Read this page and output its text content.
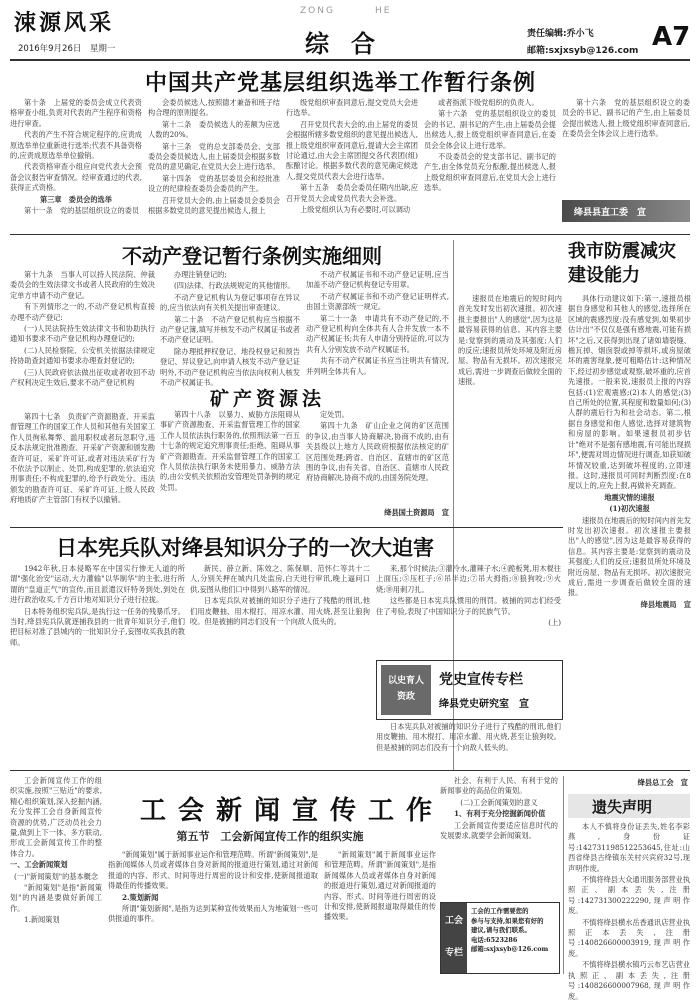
涑源风采
2016年9月26日　星期一
ZONG	HE
综合	责任编辑:乔小飞
邮箱:sxjxsyb@126.com A7
中国共产党基层组织选举工作暂行条例

第十条　上届党的委员会成立代表资格审查小组,负责对代表的产生程序和资格进行审查。

代表的产生不符合规定程序的,应责成原选举单位重新进行选举;代表不具备资格的,应责成原选举单位撤销。

代表资格审查小组应向党代表大会预备会议报告审查情况。经审查通过的代表,获得正式资格。

第三章　委员会的选举

第十一条　党的基层组织设立的委员

会委员候选人,按照德才兼备和班子结构合理的原则提名。

第十二条　委员候选人的差额为应选人数的20%。

第十三条　党的总支部委员会、支部委员会委员候选人,由上届委员会根据多数党员的意见确定,在党员大会上进行选举。

第十四条　党的基层委员会和经批准设立的纪律检查委员会委员的产生。

召开党员大会的,由上届委员会委员会根据多数党员的意见提出候选人,报上

级党组织审查同意后,提交党员大会进行选举。

召开党员代表大会的,由上届党的委员会根据所辖多数党组织的意见提出候选人,报上级党组织审查同意后,提请大会主席团讨论通过,由大会主席团提交各代表团(组)酝酿讨论。根据多数代表的意见确定候选人,提交党员代表大会进行选举。

第十五条　委员会委员任期内出缺,应召开党员大会或党员代表大会补选。

上级党组织认为有必要时,可以调动

或者指派下级党组织的负责人。

第十六条　党的基层组织设立的委员会的书记、副书记的产生,由上届委员会提出候选人,报上级党组织审查同意后,在委员会全体会议上进行选举。

不设委员会的党支部书记、副书记的产生,由全体党员充分酝酿,提出候选人,报上级党组织审查同意后,在党员大会上进行选举。

第十六条　党的基层组织设立的委员会的书记、副书记的产生,由上届委员会提出候选人,报上级党组织审查同意后,在委员会全体会议上进行选举。

绛县县直工委　宣
不动产登记暂行条例实施细则

第十九条　当事人可以持人民法院、仲裁委员会的生效法律文书或者人民政府的生效决定单方申请不动产登记。

有下列情形之一的,不动产登记机构直接办理不动产登记:

(一)人民法院持生效法律文书和协助执行通知书要求不动产登记机构办理登记的;

(二)人民检察院、公安机关依据法律规定持协助查封通知书要求办理查封登记的;

(三)人民政府依法做出征收或者收回不动产权利决定生效后,要求不动产登记机构

办理注销登记的;

(四)法律、行政法规规定的其他情形。

不动产登记机构认为登记事项存在异议的,应当依法向有关机关提出审查建议。

第二十条　不动产登记机构应当根据不动产登记簿,填写并核发不动产权属证书或者不动产登记证明。

除办理抵押权登记、地役权登记和预告登记、异议登记,向申请人核发不动产登记证明外,不动产登记机构应当依法向权利人核发不动产权属证书。

不动产权属证书和不动产登记证明,应当加盖不动产登记机构登记专用章。

不动产权属证书和不动产登记证明样式,由国土资源部统一规定。

第二十一条　申请共有不动产登记的,不动产登记机构向全体共有人合并发放一本不动产权属证书;共有人申请分别持证的,可以为共有人分别发放不动产权属证书。

共有不动产权属证书应当注明共有情况,并列明全体共有人。

第四十七条　负责矿产资源勘查、开采监督管理工作的国家工作人员和其他有关国家工作人员徇私舞弊、滥用职权或者玩忽职守,违反本法规定批准勘查、开采矿产资源和颁发勘查许可证、采矿许可证,或者对违法采矿行为不依法予以制止、处罚,构成犯罪的,依法追究刑事责任;不构成犯罪的,给予行政处分。违法颁发的勘查许可证、采矿许可证,上级人民政府地质矿产主管部门有权予以撤销。

矿产资源法

第四十八条　以暴力、威胁方法阻碍从事矿产资源勘查、开采监督管理工作的国家工作人员依法执行职务的,依照刑法第一百五十七条的规定追究刑事责任;拒绝、阻碍从事矿产资源勘查、开采监督管理工作的国家工作人员依法执行职务未使用暴力、威胁方法的,由公安机关依照治安管理处罚条例的规定处罚。

定处罚。

第四十九条　矿山企业之间的矿区范围的争议,由当事人协商解决,协商不成的,由有关县级以上地方人民政府根据依法核定的矿区范围处理;跨省、自治区、直辖市的矿区范围的争议,由有关省、自治区、直辖市人民政府协商解决,协商不成的,由国务院处理。

绛县国土资源局　宣
我市防震减灾建设能力

具体行动建议如下:第一,速报员根据自身感觉和其他人的感觉,选择所在区域的震感烈度:没有感觉到,如果初步估计出"不仅仅是强有感地震,可能有损坏"之后,又获得到出现了诸如墙裂缝、檐瓦掉、烟囱裂或掉等损坏,或房屋破坏的震害现象,便可粗略估计:这种情况下,经过初步感觉或观察,破坏重的,应首先速报。一般来说,速报员上报的内容包括:(1)宏观震感;(2)本人的感觉;(3)自己所处的位置,其程度和数量如何;(3)人群的震后行为和社会动态。第二,根据自身感觉和他人感觉,选择对建筑物和房屋的影响。如果速报员初步估计"绝对不是强有感地震,有可能出现损坏",便需对周边情况进行调查,如获知破坏情况较重,达到破坏程度的,立即速报。这时,速报员可同时判断烈度:在8度以上的,应先上报,再做补充调查。

地震灾情的速报

(1)初次速报

速报员在地震后的短时间内首先发时发出初次速报。初次速报主要报出"人的感觉",因为这是最容易获得的信息。其内容主要是:觉察到的震动及其强度;人们的反应;速报员所处环境及附近房屋、物品有无损坏。初次速报完成后,需进一步调查后做较全面的速报。

绛县地震局　宣

速报员在地震后的短时间内首先发时发出初次速报。初次速报主要报出"人的感觉",因为这是最容易获得的信息。其内容主要是:觉察到的震动及其强度;人们的反应;速报员所处环境及附近房屋、物品有无损坏。初次速报完成后,需进一步调查后做较全面的速报。

日本宪兵队对绛县知识分子的一次大迫害

1942年秋,日本侵略军在中国实行惨无人道的所谓"强化治安"运动,大力灌输"以华制华"的主张,进行所谓的"皇道正气"的宣传,而且派遣汉奸特务到处,到处在进行政治收买,千方百计地对知识分子进行拉拢。

日本特务组织宪兵队,是执行这一任务的残暴爪牙。当时,绛县宪兵队就逐捕我县的一批青年知识分子,他们把目标对准了县城内的一批知识分子,妄图收买我县的教师。

新民、薛立新、陈效之、陈保顺、范怀仁等共十二人,分别关押在城内几处监房,白天进行审讯,晚上逼问口供,妄图从他们口中得到八路军的情况。

日本宪兵队对被捕的知识分子进行了残酷的刑讯,他们用皮鞭抽、用木棍打、用凉水灌、用火烧,甚至让狼狗咬。但是被捕的同志们没有一个向敌人低头的。

来,那个时候法;③灌冷水,灌辣子水;④跪板凳,用木棍往上面压;⑤压杠子;⑥吊半边;⑦吊大拇指;⑧狼狗咬;⑨火烧;⑩用刺刀扎。

这些都是日本宪兵队惯用的刑罚。被捕的同志们经受住了考验,表现了中国知识分子的民族气节。

(上)
以史育人　资政
党史宣传专栏
绛县党史研究室　宣

日本宪兵队对被捕的知识分子进行了残酷的刑讯,他们用皮鞭抽、用木棍打、用凉水灌、用火烧,甚至让狼狗咬。但是被捕的同志们没有一个向敌人低头的。

工会新闻宣传工作的组织实施,按照"三贴近"的要求,精心组织策划,深入挖掘内涵,充分发挥工会自身新闻宣传资源的优势,广泛动员社会力量,做到上下一体、多方联动,形成工会新闻宣传工作的整体合力。

一、工会新闻策划

(一)"新闻策划"的基本概念

"新闻策划"是指"新闻策划"的内涵是要做好新闻工作。

1.新闻策划

工会新闻宣传工作
第五节　工会新闻宣传工作的组织实施

"新闻策划"属于新闻事业运作和管理范畴。所谓"新闻策划",是指新闻媒体人员或者媒体自身对新闻的报道进行策划,通过对新闻报道的内容、形式、时间等进行周密的设计和安排,使新闻报道取得最佳的传播效果。

2.策划新闻

所谓"策划新闻",是指为达到某种宣传效果而人为地策划一些可供报道的事件。

社会、有利于人民、有利于党的新闻事业的高品位的策划。

(二)工会新闻策划的意义

1、有利于充分挖掘新闻价值

工会新闻宣传要适应信息时代的发展要求,就要学会新闻策划。

"新闻策划"属于新闻事业运作和管理范畴。所谓"新闻策划",是指新闻媒体人员或者媒体自身对新闻的报道进行策划,通过对新闻报道的内容、形式、时间等进行周密的设计和安排,使新闻报道取得最佳的传播效果。	工会
专栏
工会的工作需要您的
参与与支持,如果您有好的
建议,请与我们联系。
电话:6523286
邮箱:sxjxsyb@126.com
绛县总工会　宣
遗失声明

本人不慎将身份证丢失,姓名李彩燕,身份证号:142731198512253645,住址:山西省绛县古绛镇东关村兴宾府32号,现声明作废。

不慎将绛县大众通讯服务部营业执照正、副本丢失,注册号:142731300222290,现声明作废。

不慎将绛县横水岳香通讯店营业执照正本丢失,注册号:140826600003919,现声明作废。

不慎将绛县横水镇巧云布艺店营业执照正、副本丢失,注册号:140826600007968,现声明作废。
